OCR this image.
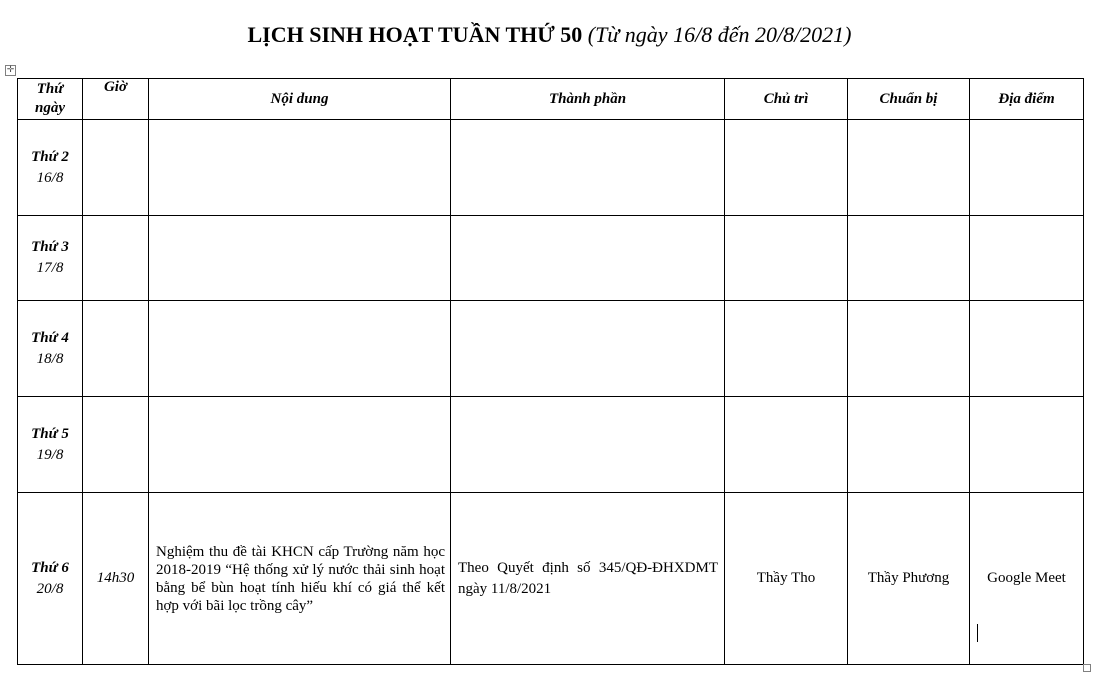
LỊCH SINH HOẠT TUẦN THỨ 50 (Từ ngày 16/8 đến 20/8/2021)
✛
Thứ
ngày	Giờ	Nội dung	Thành phần	Chủ trì	Chuẩn bị	Địa điểm

Thứ 2
16/8						

Thứ 3
17/8						

Thứ 4
18/8						

Thứ 5
19/8						

Thứ 6
20/8	14h30	Nghiệm thu đề tài KHCN cấp Trường năm học 2018-2019 “Hệ thống xử lý nước thải sinh hoạt bằng bể bùn hoạt tính hiếu khí có giá thể kết hợp với bãi lọc trồng cây”	Theo Quyết định số 345/QĐ-ĐHXDMT ngày 11/8/2021	Thầy Tho	Thầy Phương	Google Meet
